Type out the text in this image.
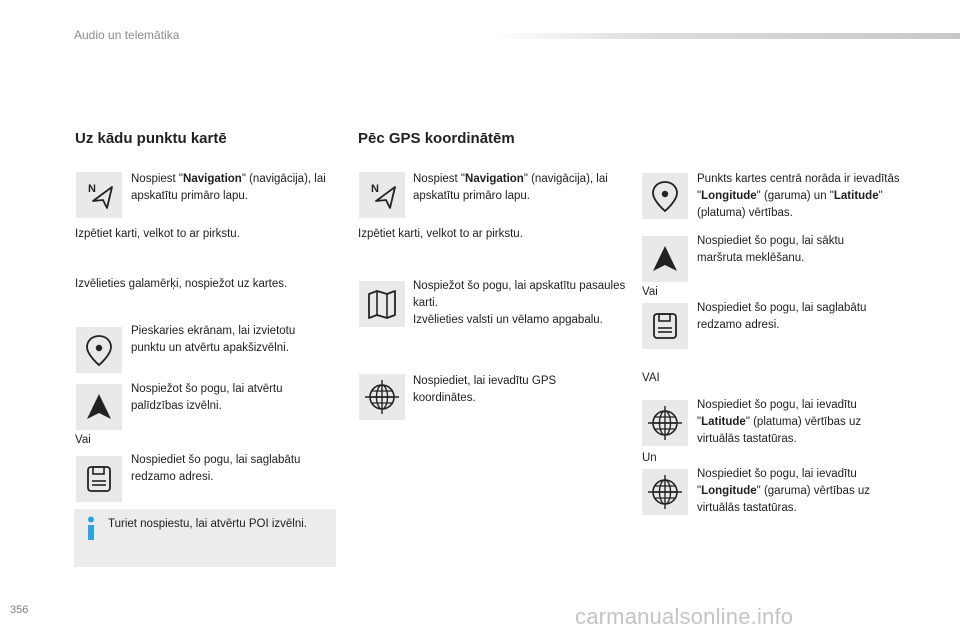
Audio un telemātika
Uz kādu punktu kartē
N
Nospiest "Navigation" (navigācija), lai apskatītu primāro lapu.
Izpētiet karti, velkot to ar pirkstu.
Izvēlieties galamērķi, nospiežot uz kartes.
Pieskaries ekrānam, lai izvietotu punktu un atvērtu apakšizvēlni.
Nospiežot šo pogu, lai atvērtu palīdzības izvēlni.
Vai
Nospiediet šo pogu, lai saglabātu redzamo adresi.
Turiet nospiestu, lai atvērtu POI izvēlni.
Pēc GPS koordinātēm
N
Nospiest "Navigation" (navigācija), lai apskatītu primāro lapu.
Izpētiet karti, velkot to ar pirkstu.
Nospiežot šo pogu, lai apskatītu pasaules karti.
Izvēlieties valsti un vēlamo apgabalu.
Nospiediet, lai ievadītu GPS koordinātes.
Punkts kartes centrā norāda ir ievadītās "Longitude" (garuma) un "Latitude" (platuma) vērtības.
Nospiediet šo pogu, lai sāktu maršruta meklēšanu.
Vai
Nospiediet šo pogu, lai saglabātu redzamo adresi.
VAI
Nospiediet šo pogu, lai ievadītu "Latitude" (platuma) vērtības uz virtuālās tastatūras.
Un
Nospiediet šo pogu, lai ievadītu "Longitude" (garuma) vērtības uz virtuālās tastatūras.
356	carmanualsonline.info
